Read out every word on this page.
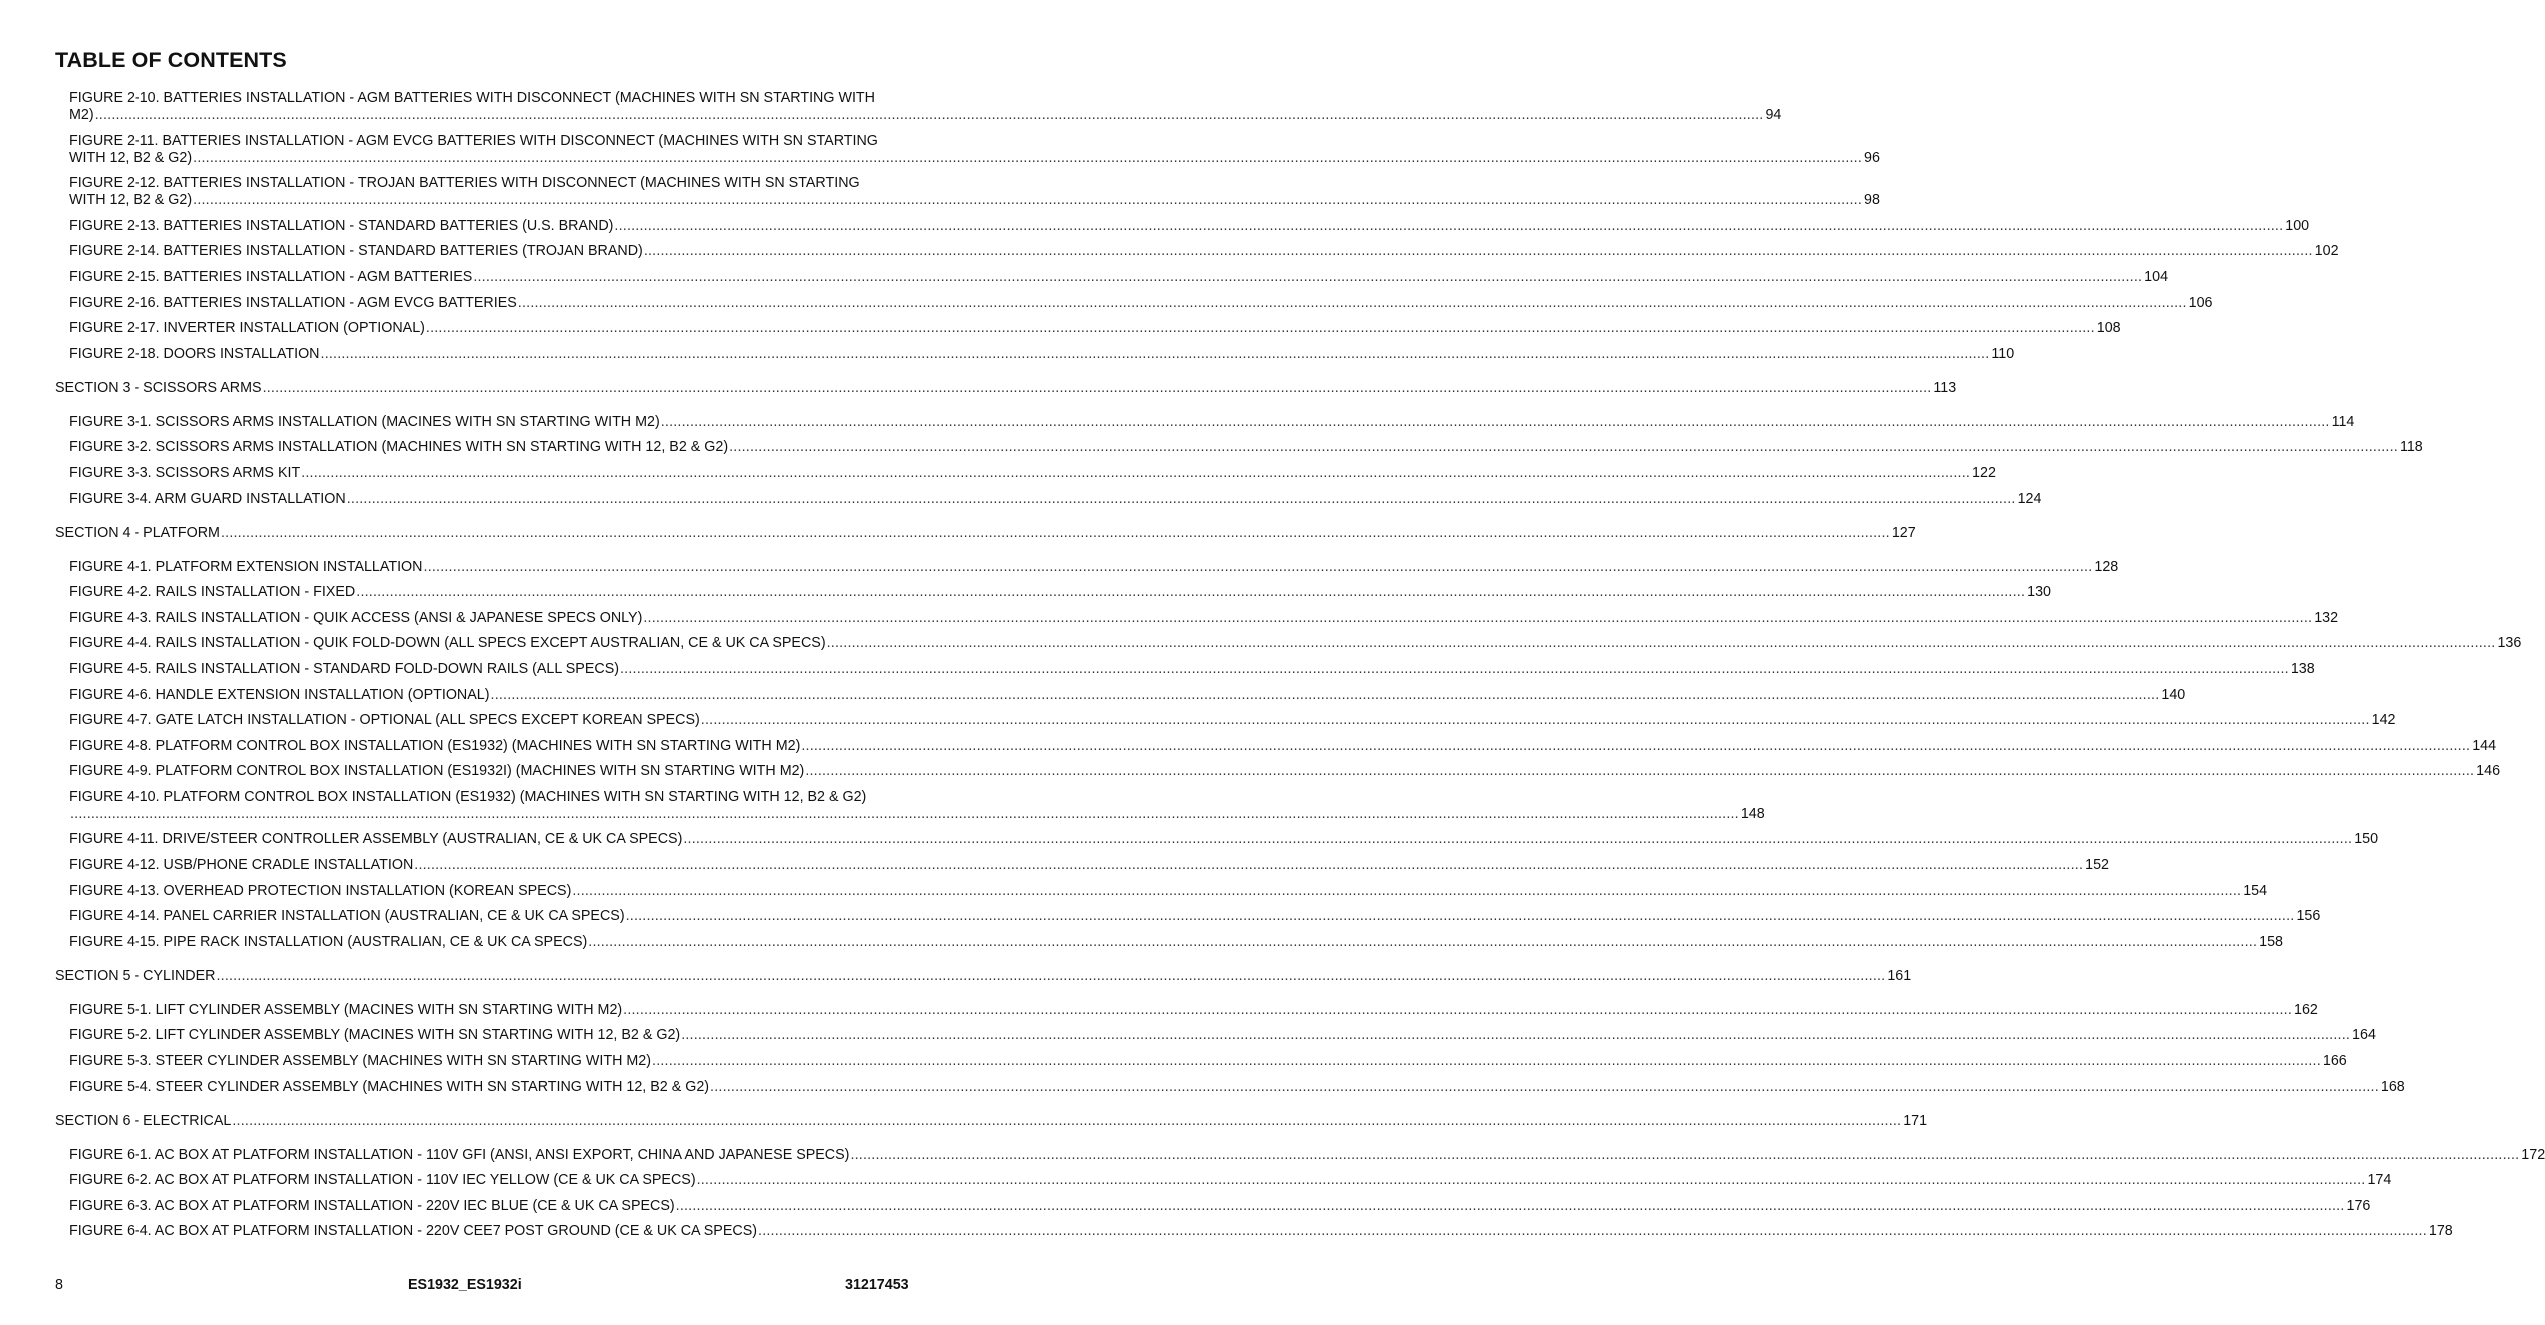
TABLE OF CONTENTS
FIGURE 2-10. BATTERIES INSTALLATION - AGM BATTERIES WITH DISCONNECT (MACHINES WITH SN STARTING WITH
M2) ................................................................................................................................................................................................................................................................................................................................................................................................................ 94
FIGURE 2-11. BATTERIES INSTALLATION - AGM EVCG BATTERIES WITH DISCONNECT (MACHINES WITH SN STARTING
WITH 12, B2 & G2) ................................................................................................................................................................................................................................................................................................................................................................................................................ 96
FIGURE 2-12. BATTERIES INSTALLATION - TROJAN BATTERIES WITH DISCONNECT (MACHINES WITH SN STARTING
WITH 12, B2 & G2) ................................................................................................................................................................................................................................................................................................................................................................................................................ 98
FIGURE 2-13. BATTERIES INSTALLATION - STANDARD BATTERIES (U.S. BRAND) ................................................................................................................................................................................................................................................................................................................................................................................................................ 100
FIGURE 2-14. BATTERIES INSTALLATION - STANDARD BATTERIES (TROJAN BRAND) ................................................................................................................................................................................................................................................................................................................................................................................................................ 102
FIGURE 2-15. BATTERIES INSTALLATION - AGM BATTERIES ................................................................................................................................................................................................................................................................................................................................................................................................................ 104
FIGURE 2-16. BATTERIES INSTALLATION - AGM EVCG BATTERIES ................................................................................................................................................................................................................................................................................................................................................................................................................ 106
FIGURE 2-17. INVERTER INSTALLATION (OPTIONAL) ................................................................................................................................................................................................................................................................................................................................................................................................................ 108
FIGURE 2-18. DOORS INSTALLATION ................................................................................................................................................................................................................................................................................................................................................................................................................ 110
SECTION 3 - SCISSORS ARMS ................................................................................................................................................................................................................................................................................................................................................................................................................ 113
FIGURE 3-1. SCISSORS ARMS INSTALLATION (MACINES WITH SN STARTING WITH M2) ................................................................................................................................................................................................................................................................................................................................................................................................................ 114
FIGURE 3-2. SCISSORS ARMS INSTALLATION (MACHINES WITH SN STARTING WITH 12, B2 & G2) ................................................................................................................................................................................................................................................................................................................................................................................................................ 118
FIGURE 3-3. SCISSORS ARMS KIT ................................................................................................................................................................................................................................................................................................................................................................................................................ 122
FIGURE 3-4. ARM GUARD INSTALLATION ................................................................................................................................................................................................................................................................................................................................................................................................................ 124
SECTION 4 - PLATFORM ................................................................................................................................................................................................................................................................................................................................................................................................................ 127
FIGURE 4-1. PLATFORM EXTENSION INSTALLATION ................................................................................................................................................................................................................................................................................................................................................................................................................ 128
FIGURE 4-2. RAILS INSTALLATION - FIXED ................................................................................................................................................................................................................................................................................................................................................................................................................ 130
FIGURE 4-3. RAILS INSTALLATION - QUIK ACCESS (ANSI & JAPANESE SPECS ONLY) ................................................................................................................................................................................................................................................................................................................................................................................................................ 132
FIGURE 4-4. RAILS INSTALLATION - QUIK FOLD-DOWN (ALL SPECS EXCEPT AUSTRALIAN, CE & UK CA SPECS) ................................................................................................................................................................................................................................................................................................................................................................................................................ 136
FIGURE 4-5. RAILS INSTALLATION - STANDARD FOLD-DOWN RAILS (ALL SPECS) ................................................................................................................................................................................................................................................................................................................................................................................................................ 138
FIGURE 4-6. HANDLE EXTENSION INSTALLATION (OPTIONAL) ................................................................................................................................................................................................................................................................................................................................................................................................................ 140
FIGURE 4-7. GATE LATCH INSTALLATION - OPTIONAL (ALL SPECS EXCEPT KOREAN SPECS) ................................................................................................................................................................................................................................................................................................................................................................................................................ 142
FIGURE 4-8. PLATFORM CONTROL BOX INSTALLATION (ES1932) (MACHINES WITH SN STARTING WITH M2) ................................................................................................................................................................................................................................................................................................................................................................................................................ 144
FIGURE 4-9. PLATFORM CONTROL BOX INSTALLATION (ES1932I) (MACHINES WITH SN STARTING WITH M2) ................................................................................................................................................................................................................................................................................................................................................................................................................ 146
FIGURE 4-10. PLATFORM CONTROL BOX INSTALLATION (ES1932) (MACHINES WITH SN STARTING WITH 12, B2 & G2)
................................................................................................................................................................................................................................................................................................................................................................................................................ 148
FIGURE 4-11. DRIVE/STEER CONTROLLER ASSEMBLY (AUSTRALIAN, CE & UK CA SPECS) ................................................................................................................................................................................................................................................................................................................................................................................................................ 150
FIGURE 4-12. USB/PHONE CRADLE INSTALLATION ................................................................................................................................................................................................................................................................................................................................................................................................................ 152
FIGURE 4-13. OVERHEAD PROTECTION INSTALLATION (KOREAN SPECS) ................................................................................................................................................................................................................................................................................................................................................................................................................ 154
FIGURE 4-14. PANEL CARRIER INSTALLATION (AUSTRALIAN, CE & UK CA SPECS) ................................................................................................................................................................................................................................................................................................................................................................................................................ 156
FIGURE 4-15. PIPE RACK INSTALLATION (AUSTRALIAN, CE & UK CA SPECS) ................................................................................................................................................................................................................................................................................................................................................................................................................ 158
SECTION 5 - CYLINDER ................................................................................................................................................................................................................................................................................................................................................................................................................ 161
FIGURE 5-1. LIFT CYLINDER ASSEMBLY (MACINES WITH SN STARTING WITH M2) ................................................................................................................................................................................................................................................................................................................................................................................................................ 162
FIGURE 5-2. LIFT CYLINDER ASSEMBLY (MACINES WITH SN STARTING WITH 12, B2 & G2) ................................................................................................................................................................................................................................................................................................................................................................................................................ 164
FIGURE 5-3. STEER CYLINDER ASSEMBLY (MACHINES WITH SN STARTING WITH M2) ................................................................................................................................................................................................................................................................................................................................................................................................................ 166
FIGURE 5-4. STEER CYLINDER ASSEMBLY (MACHINES WITH SN STARTING WITH 12, B2 & G2) ................................................................................................................................................................................................................................................................................................................................................................................................................ 168
SECTION 6 - ELECTRICAL ................................................................................................................................................................................................................................................................................................................................................................................................................ 171
FIGURE 6-1. AC BOX AT PLATFORM INSTALLATION - 110V GFI (ANSI, ANSI EXPORT, CHINA AND JAPANESE SPECS) ................................................................................................................................................................................................................................................................................................................................................................................................................ 172
FIGURE 6-2. AC BOX AT PLATFORM INSTALLATION - 110V IEC YELLOW (CE & UK CA SPECS) ................................................................................................................................................................................................................................................................................................................................................................................................................ 174
FIGURE 6-3. AC BOX AT PLATFORM INSTALLATION - 220V IEC BLUE (CE & UK CA SPECS) ................................................................................................................................................................................................................................................................................................................................................................................................................ 176
FIGURE 6-4. AC BOX AT PLATFORM INSTALLATION - 220V CEE7 POST GROUND (CE & UK CA SPECS) ................................................................................................................................................................................................................................................................................................................................................................................................................ 178
8	ES1932_ES1932i	31217453
